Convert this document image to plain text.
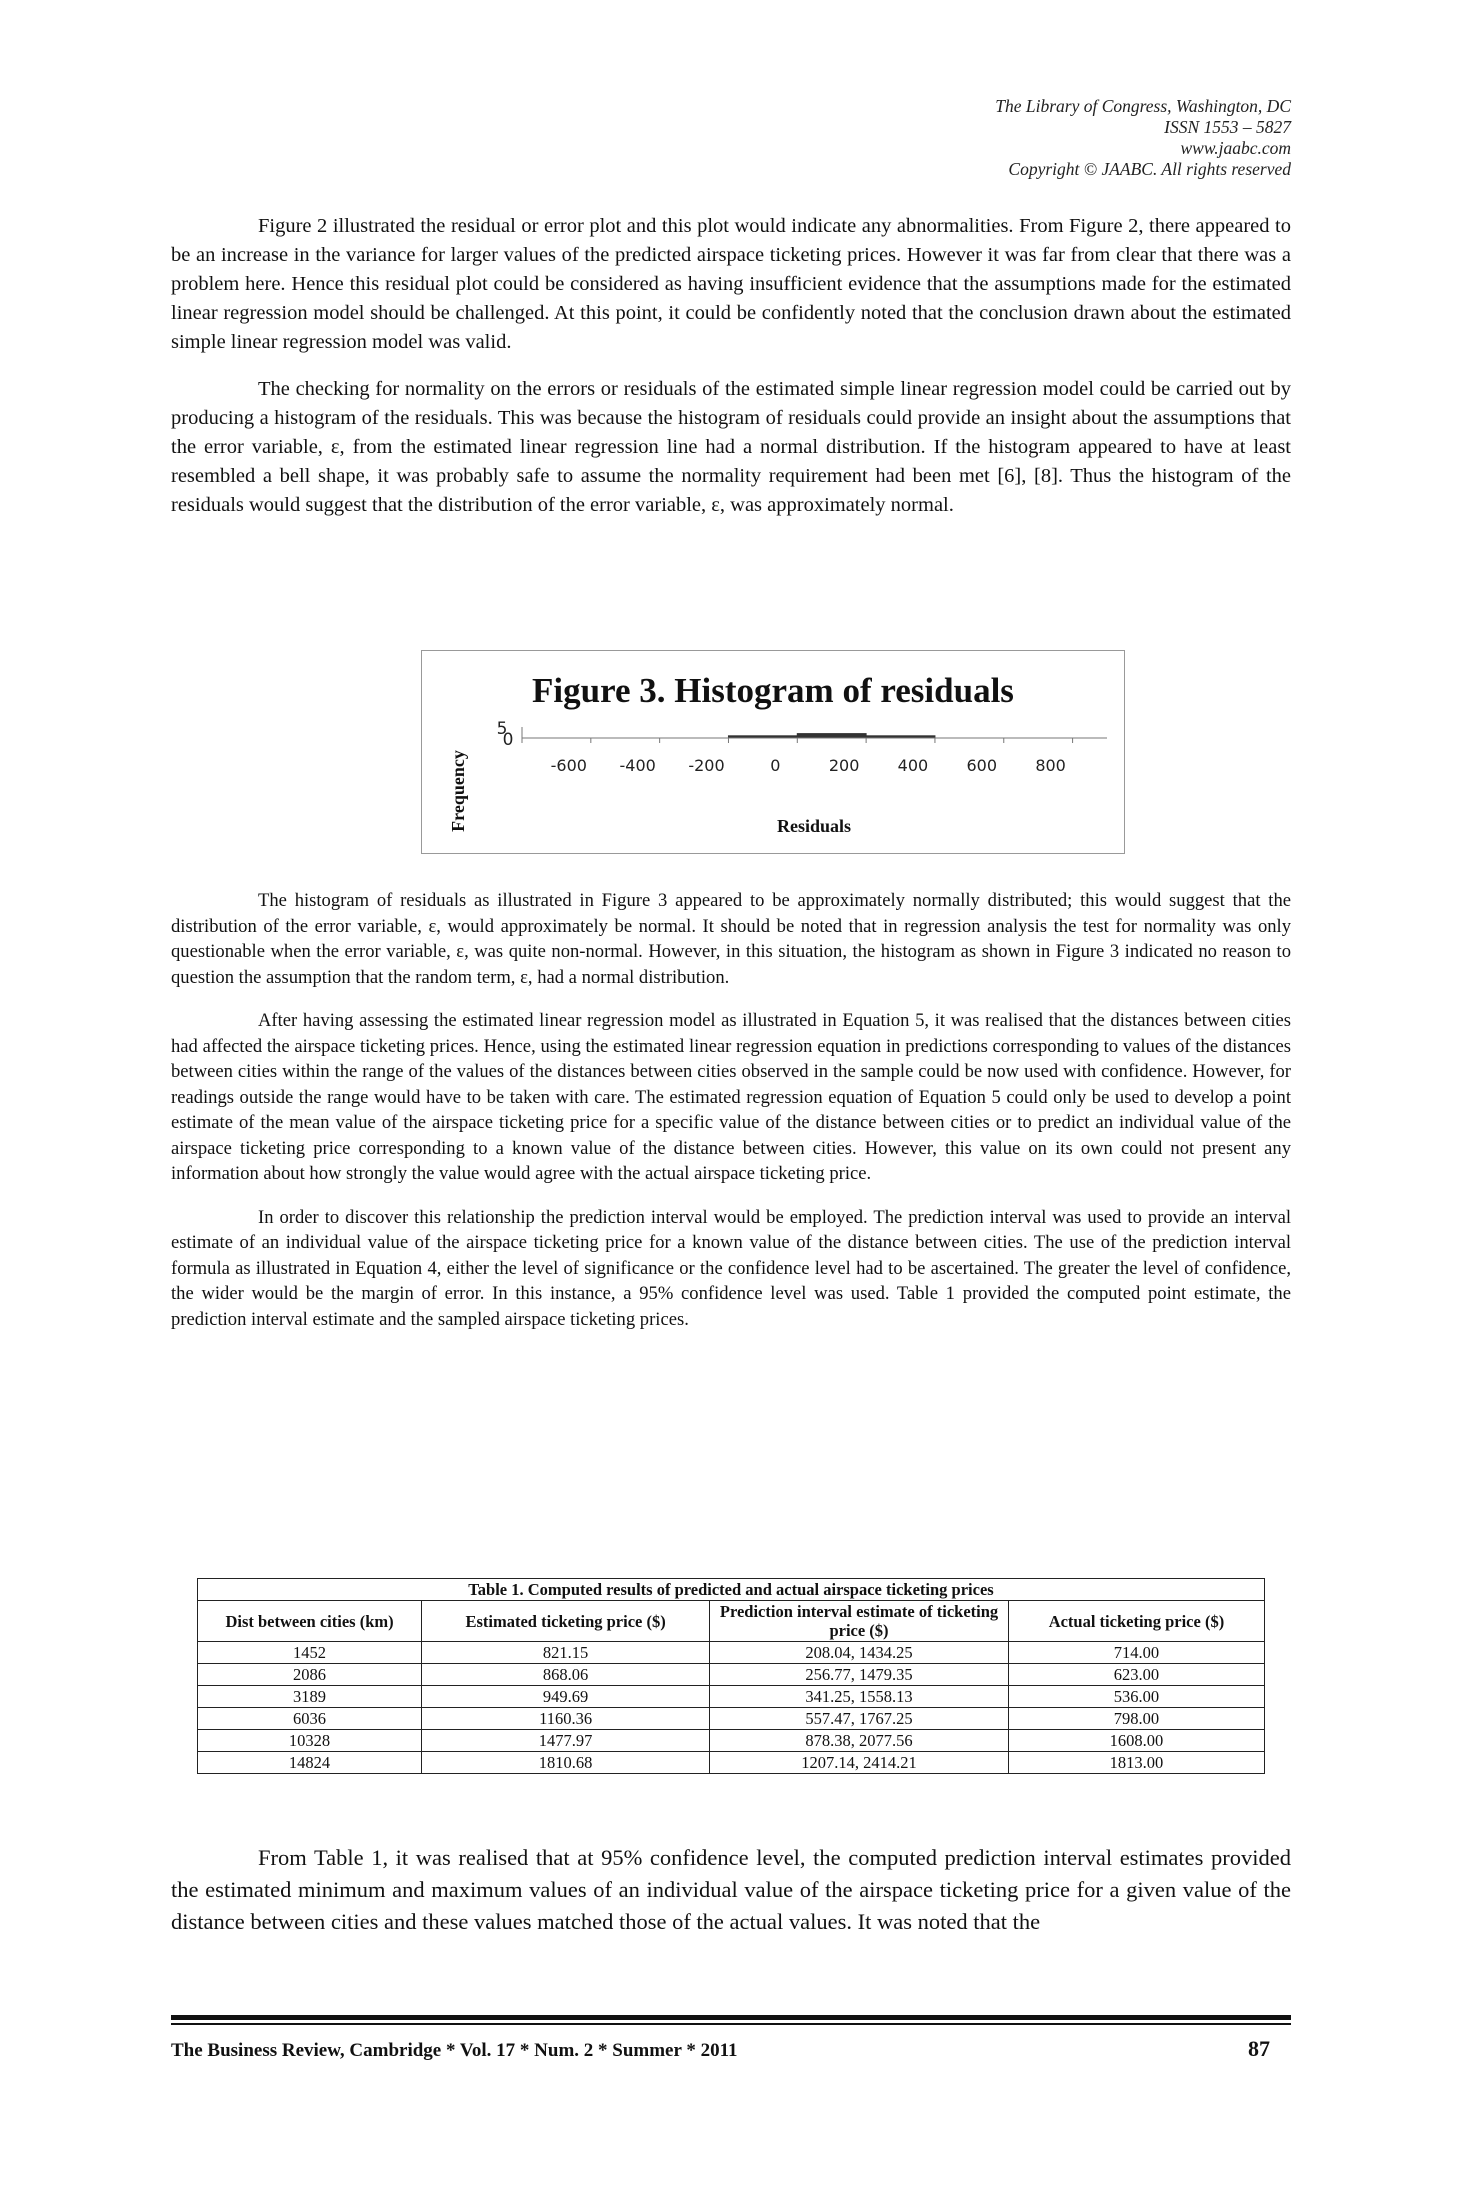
The Library of Congress, Washington, DC
ISSN 1553 – 5827
www.jaabc.com
Copyright © JAABC. All rights reserved

Figure 2 illustrated the residual or error plot and this plot would indicate any abnormalities. From Figure 2, there appeared to be an increase in the variance for larger values of the predicted airspace ticketing prices. However it was far from clear that there was a problem here. Hence this residual plot could be considered as having insufficient evidence that the assumptions made for the estimated linear regression model should be challenged. At this point, it could be confidently noted that the conclusion drawn about the estimated simple linear regression model was valid.

The checking for normality on the errors or residuals of the estimated simple linear regression model could be carried out by producing a histogram of the residuals. This was because the histogram of residuals could provide an insight about the assumptions that the error variable, ε, from the estimated linear regression line had a normal distribution. If the histogram appeared to have at least resembled a bell shape, it was probably safe to assume the normality requirement had been met [6], [8]. Thus the histogram of the residuals would suggest that the distribution of the error variable, ε, was approximately normal.

Figure 3. Histogram of residuals
-600 -400 -200	0	200 400 600 800
0
5
Residuals
Frequency

The histogram of residuals as illustrated in Figure 3 appeared to be approximately normally distributed; this would suggest that the distribution of the error variable, ε, would approximately be normal. It should be noted that in regression analysis the test for normality was only questionable when the error variable, ε, was quite non-normal. However, in this situation, the histogram as shown in Figure 3 indicated no reason to question the assumption that the random term, ε, had a normal distribution.

After having assessing the estimated linear regression model as illustrated in Equation 5, it was realised that the distances between cities had affected the airspace ticketing prices. Hence, using the estimated linear regression equation in predictions corresponding to values of the distances between cities within the range of the values of the distances between cities observed in the sample could be now used with confidence. However, for readings outside the range would have to be taken with care. The estimated regression equation of Equation 5 could only be used to develop a point estimate of the mean value of the airspace ticketing price for a specific value of the distance between cities or to predict an individual value of the airspace ticketing price corresponding to a known value of the distance between cities. However, this value on its own could not present any information about how strongly the value would agree with the actual airspace ticketing price.

In order to discover this relationship the prediction interval would be employed. The prediction interval was used to provide an interval estimate of an individual value of the airspace ticketing price for a known value of the distance between cities. The use of the prediction interval formula as illustrated in Equation 4, either the level of significance or the confidence level had to be ascertained. The greater the level of confidence, the wider would be the margin of error. In this instance, a 95% confidence level was used. Table 1 provided the computed point estimate, the prediction interval estimate and the sampled airspace ticketing prices.

Table 1. Computed results of predicted and actual airspace ticketing prices			
Dist between cities (km)	Estimated ticketing price ($)	Prediction interval estimate of ticketing price ($)	Actual ticketing price ($)
1452	821.15	208.04, 1434.25	714.00
2086	868.06	256.77, 1479.35	623.00
3189	949.69	341.25, 1558.13	536.00
6036	1160.36	557.47, 1767.25	798.00
10328	1477.97	878.38, 2077.56	1608.00
14824	1810.68	1207.14, 2414.21	1813.00

From Table 1, it was realised that at 95% confidence level, the computed prediction interval estimates provided the estimated minimum and maximum values of an individual value of the airspace ticketing price for a given value of the distance between cities and these values matched those of the actual values. It was noted that the

The Business Review, Cambridge * Vol. 17 * Num. 2 * Summer * 2011	87
